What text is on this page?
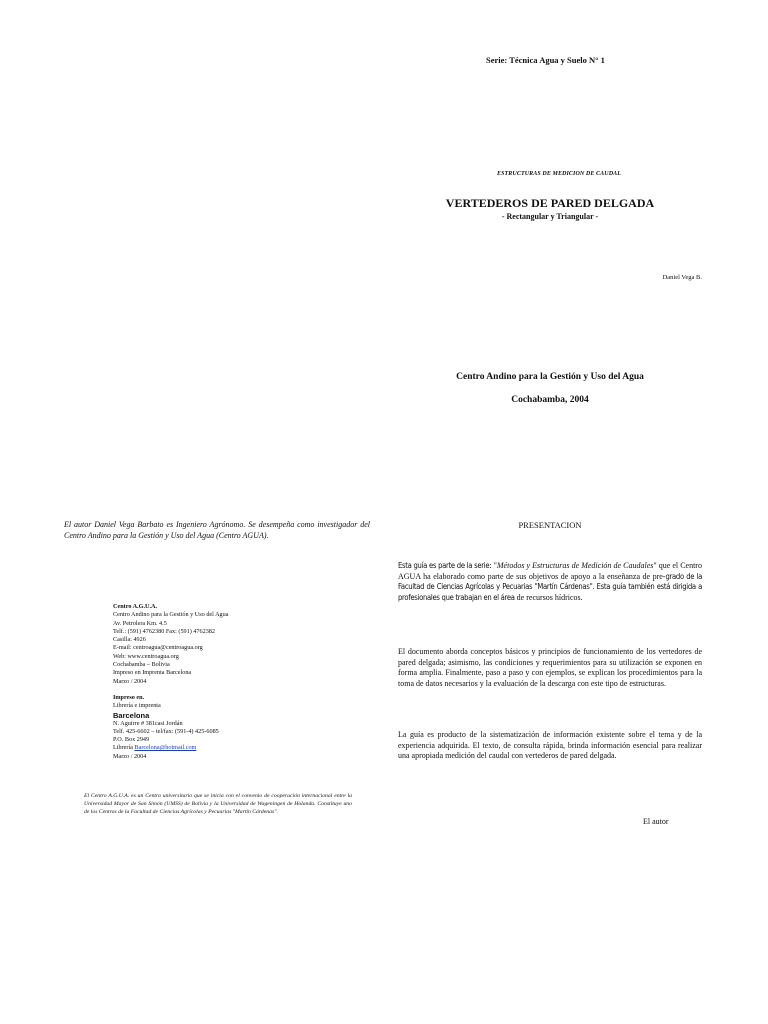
Serie: Técnica Agua y Suelo N° 1
ESTRUCTURAS DE MEDICION DE CAUDAL
VERTEDEROS DE PARED DELGADA
- Rectangular y Triangular -
Daniel Vega B.
Centro Andino para la Gestión y Uso del Agua
Cochabamba, 2004
El autor Daniel Vega Barbato es Ingeniero Agrónomo. Se desempeña como investigador del Centro Andino para la Gestión y Uso del Agua (Centro AGUA).
Centro A.G.U.A.
Centro Andino para la Gestión y Uso del Agua
Av. Petrolera Km. 4.5
Telf.: (591) 4762380 Fax: (591) 4762382
Casilla: 4926
E-mail: centroagua@centroagua.org
Web: www.centroagua.org
Cochabamba – Bolivia
Impreso en Imprenta Barcelona
Marzo / 2004
Impreso en.
Librería e imprenta
Barcelona
N. Aguirre # 381casi Jordán
Telf. 425-6602 – tel/fax: (591-4) 425-6085
P.O. Box 2949
Librería Barcelona@hotmail.com
Marzo / 2004
El Centro A.G.U.A. es un Centro universitario que se inicia con el convenio de cooperación internacional entre la Universidad Mayor de San Simón (UMSS) de Bolivia y la Universidad de Wageningen de Holanda. Constituye uno de los Centros de la Facultad de Ciencias Agrícolas y Pecuarias "Martín Cárdenas".
PRESENTACION
Esta guía es parte de la serie: "Métodos y Estructuras de Medición de Caudales" que el Centro AGUA ha elaborado como parte de sus objetivos de apoyo a la enseñanza de pre-grado de la Facultad de Ciencias Agrícolas y Pecuarias "Martín Cárdenas". Esta guía también está dirigida a profesionales que trabajan en el área de recursos hídricos.
El documento aborda conceptos básicos y principios de funcionamiento de los vertedores de pared delgada; asimismo, las condiciones y requerimientos para su utilización se exponen en forma amplia. Finalmente, paso a paso y con ejemplos, se explican los procedimientos para la toma de datos necesarios y la evaluación de la descarga con este tipo de estructuras.
La guía es producto de la sistematización de información existente sobre el tema y de la experiencia adquirida. El texto, de consulta rápida, brinda información esencial para realizar una apropiada medición del caudal con vertederos de pared delgada.
El autor
